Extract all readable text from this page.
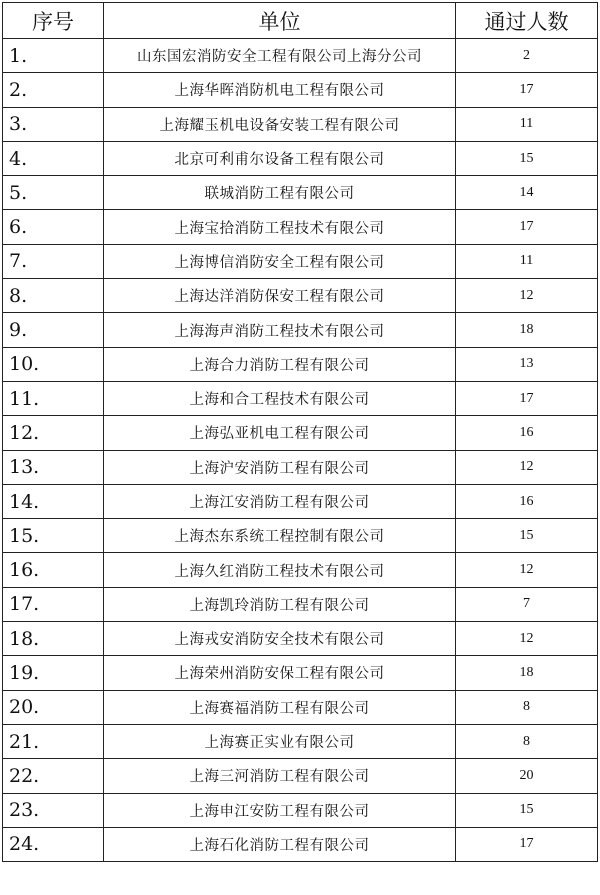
序号	单位	通过人数
1.	山东国宏消防安全工程有限公司上海分公司	2
2.	上海华晖消防机电工程有限公司	17
3.	上海耀玉机电设备安装工程有限公司	11
4.	北京可利甫尔设备工程有限公司	15
5.	联城消防工程有限公司	14
6.	上海宝拾消防工程技术有限公司	17
7.	上海博信消防安全工程有限公司	11
8.	上海达洋消防保安工程有限公司	12
9.	上海海声消防工程技术有限公司	18
10.	上海合力消防工程有限公司	13
11.	上海和合工程技术有限公司	17
12.	上海弘亚机电工程有限公司	16
13.	上海沪安消防工程有限公司	12
14.	上海江安消防工程有限公司	16
15.	上海杰东系统工程控制有限公司	15
16.	上海久红消防工程技术有限公司	12
17.	上海凯玲消防工程有限公司	7
18.	上海戎安消防安全技术有限公司	12
19.	上海荣州消防安保工程有限公司	18
20.	上海赛福消防工程有限公司	8
21.	上海赛正实业有限公司	8
22.	上海三河消防工程有限公司	20
23.	上海申江安防工程有限公司	15
24.	上海石化消防工程有限公司	17
